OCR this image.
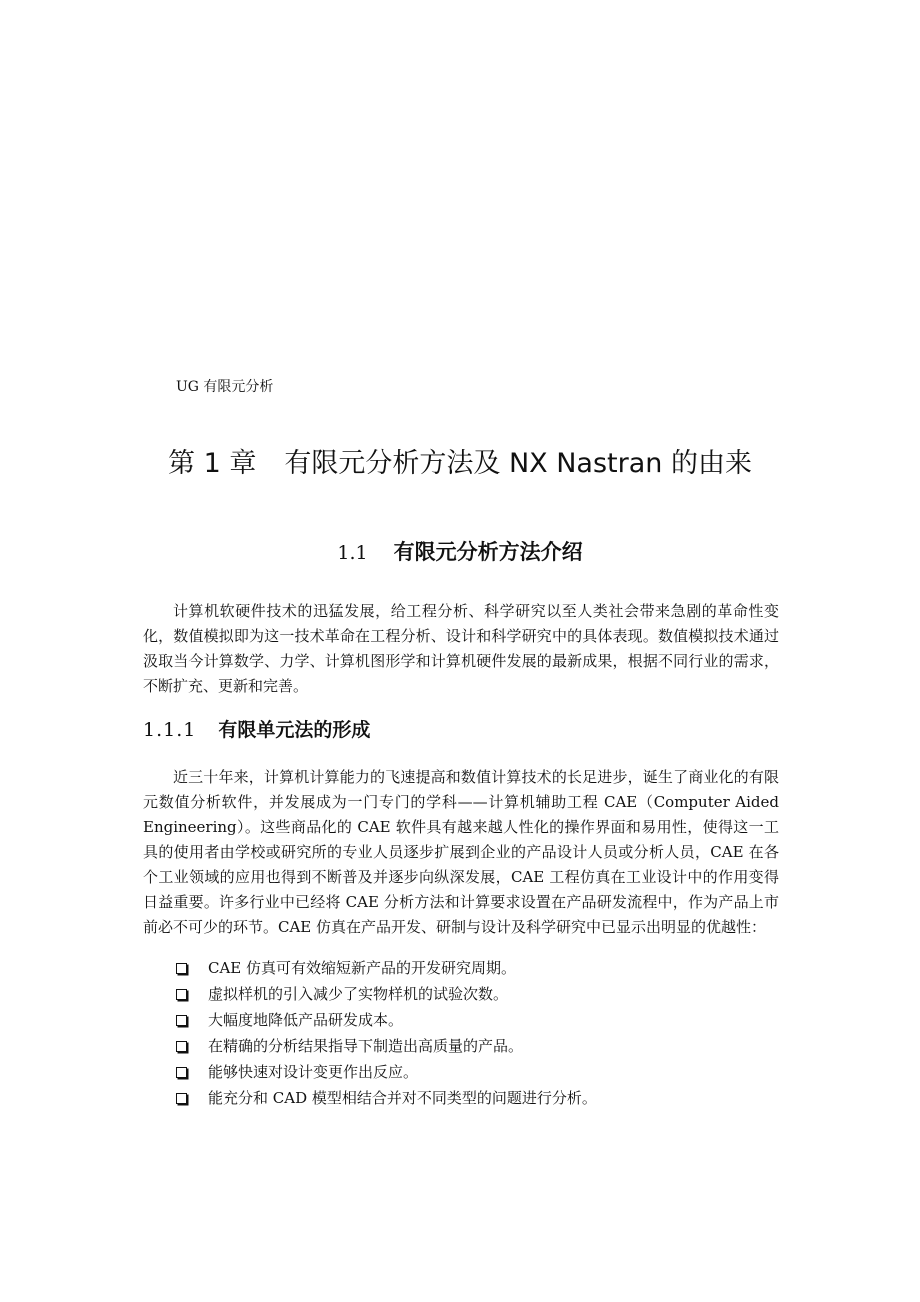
UG 有限元分析
第 1 章 有限元分析方法及 NX Nastran 的由来
1.1 有限元分析方法介绍

计算机软硬件技术的迅猛发展，给工程分析、科学研究以至人类社会带来急剧的革命性变化，数值模拟即为这一技术革命在工程分析、设计和科学研究中的具体表现。数值模拟技术通过汲取当今计算数学、力学、计算机图形学和计算机硬件发展的最新成果，根据不同行业的需求，不断扩充、更新和完善。

1.1.1 有限单元法的形成

近三十年来，计算机计算能力的飞速提高和数值计算技术的长足进步，诞生了商业化的有限元数值分析软件，并发展成为一门专门的学科——计算机辅助工程 CAE（Computer Aided Engineering）。这些商品化的 CAE 软件具有越来越人性化的操作界面和易用性，使得这一工具的使用者由学校或研究所的专业人员逐步扩展到企业的产品设计人员或分析人员，CAE 在各个工业领域的应用也得到不断普及并逐步向纵深发展，CAE 工程仿真在工业设计中的作用变得日益重要。许多行业中已经将 CAE 分析方法和计算要求设置在产品研发流程中，作为产品上市前必不可少的环节。CAE 仿真在产品开发、研制与设计及科学研究中已显示出明显的优越性：

CAE 仿真可有效缩短新产品的开发研究周期。
虚拟样机的引入减少了实物样机的试验次数。
大幅度地降低产品研发成本。
在精确的分析结果指导下制造出高质量的产品。
能够快速对设计变更作出反应。
能充分和 CAD 模型相结合并对不同类型的问题进行分析。
